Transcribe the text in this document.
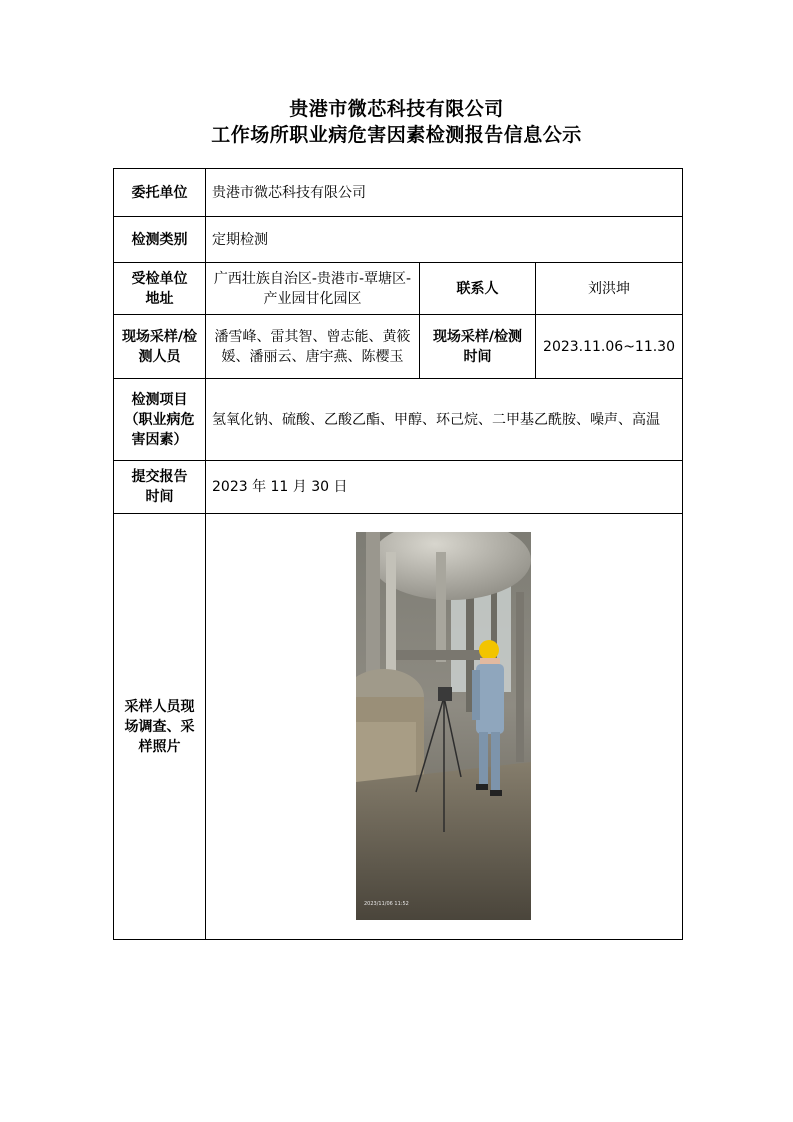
贵港市微芯科技有限公司
工作场所职业病危害因素检测报告信息公示
委托单位	贵港市微芯科技有限公司		
检测类别	定期检测		
受检单位地址	广西壮族自治区-贵港市-覃塘区-产业园甘化园区	联系人	刘洪坤
现场采样/检测人员	潘雪峰、雷其智、曾志能、黄筱媛、潘丽云、唐宇燕、陈樱玉	现场采样/检测时间	2023.11.06~11.30
检测项目（职业病危害因素）	氢氧化钠、硫酸、乙酸乙酯、甲醇、环己烷、二甲基乙酰胺、噪声、高温		
提交报告时间	2023 年 11 月 30 日		
采样人员现场调查、采样照片	2023/11/06 11:52		
